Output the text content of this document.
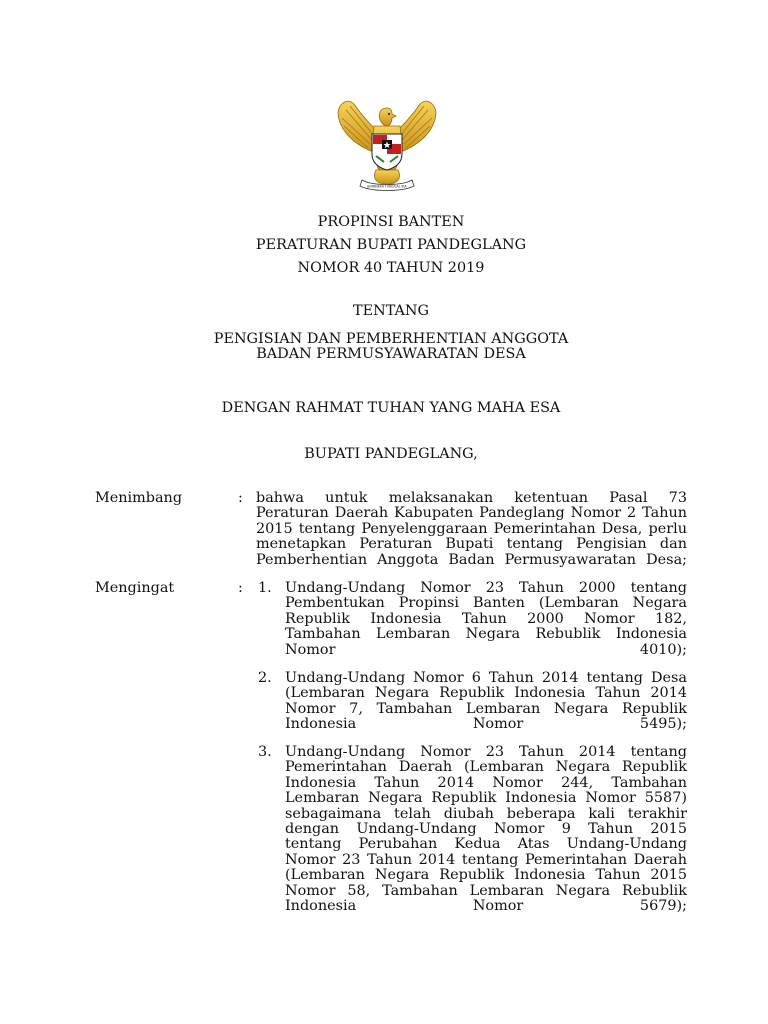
BHINNEKA TUNGGAL IKA
PROPINSI BANTEN
PERATURAN BUPATI PANDEGLANG
NOMOR 40 TAHUN 2019
TENTANG
PENGISIAN DAN PEMBERHENTIAN ANGGOTA
BADAN PERMUSYAWARATAN DESA
DENGAN RAHMAT TUHAN YANG MAHA ESA
BUPATI PANDEGLANG,
Menimbang	: bahwa untuk melaksanakan ketentuan Pasal 73
Peraturan Daerah Kabupaten Pandeglang Nomor 2 Tahun
2015 tentang Penyelenggaraan Pemerintahan Desa, perlu
menetapkan Peraturan Bupati tentang Pengisian dan
Pemberhentian Anggota Badan Permusyawaratan Desa;
Mengingat	: 1. Undang-Undang Nomor 23 Tahun 2000 tentang
Pembentukan Propinsi Banten (Lembaran Negara
Republik Indonesia Tahun 2000 Nomor 182,
Tambahan Lembaran Negara Rebublik Indonesia
Nomor 4010);
2. Undang-Undang Nomor 6 Tahun 2014 tentang Desa
(Lembaran Negara Republik Indonesia Tahun 2014
Nomor 7, Tambahan Lembaran Negara Republik
Indonesia Nomor 5495);
3. Undang-Undang Nomor 23 Tahun 2014 tentang
Pemerintahan Daerah (Lembaran Negara Republik
Indonesia Tahun 2014 Nomor 244, Tambahan
Lembaran Negara Republik Indonesia Nomor 5587)
sebagaimana telah diubah beberapa kali terakhir
dengan Undang-Undang Nomor 9 Tahun 2015
tentang Perubahan Kedua Atas Undang-Undang
Nomor 23 Tahun 2014 tentang Pemerintahan Daerah
(Lembaran Negara Republik Indonesia Tahun 2015
Nomor 58, Tambahan Lembaran Negara Rebublik
Indonesia Nomor 5679);
